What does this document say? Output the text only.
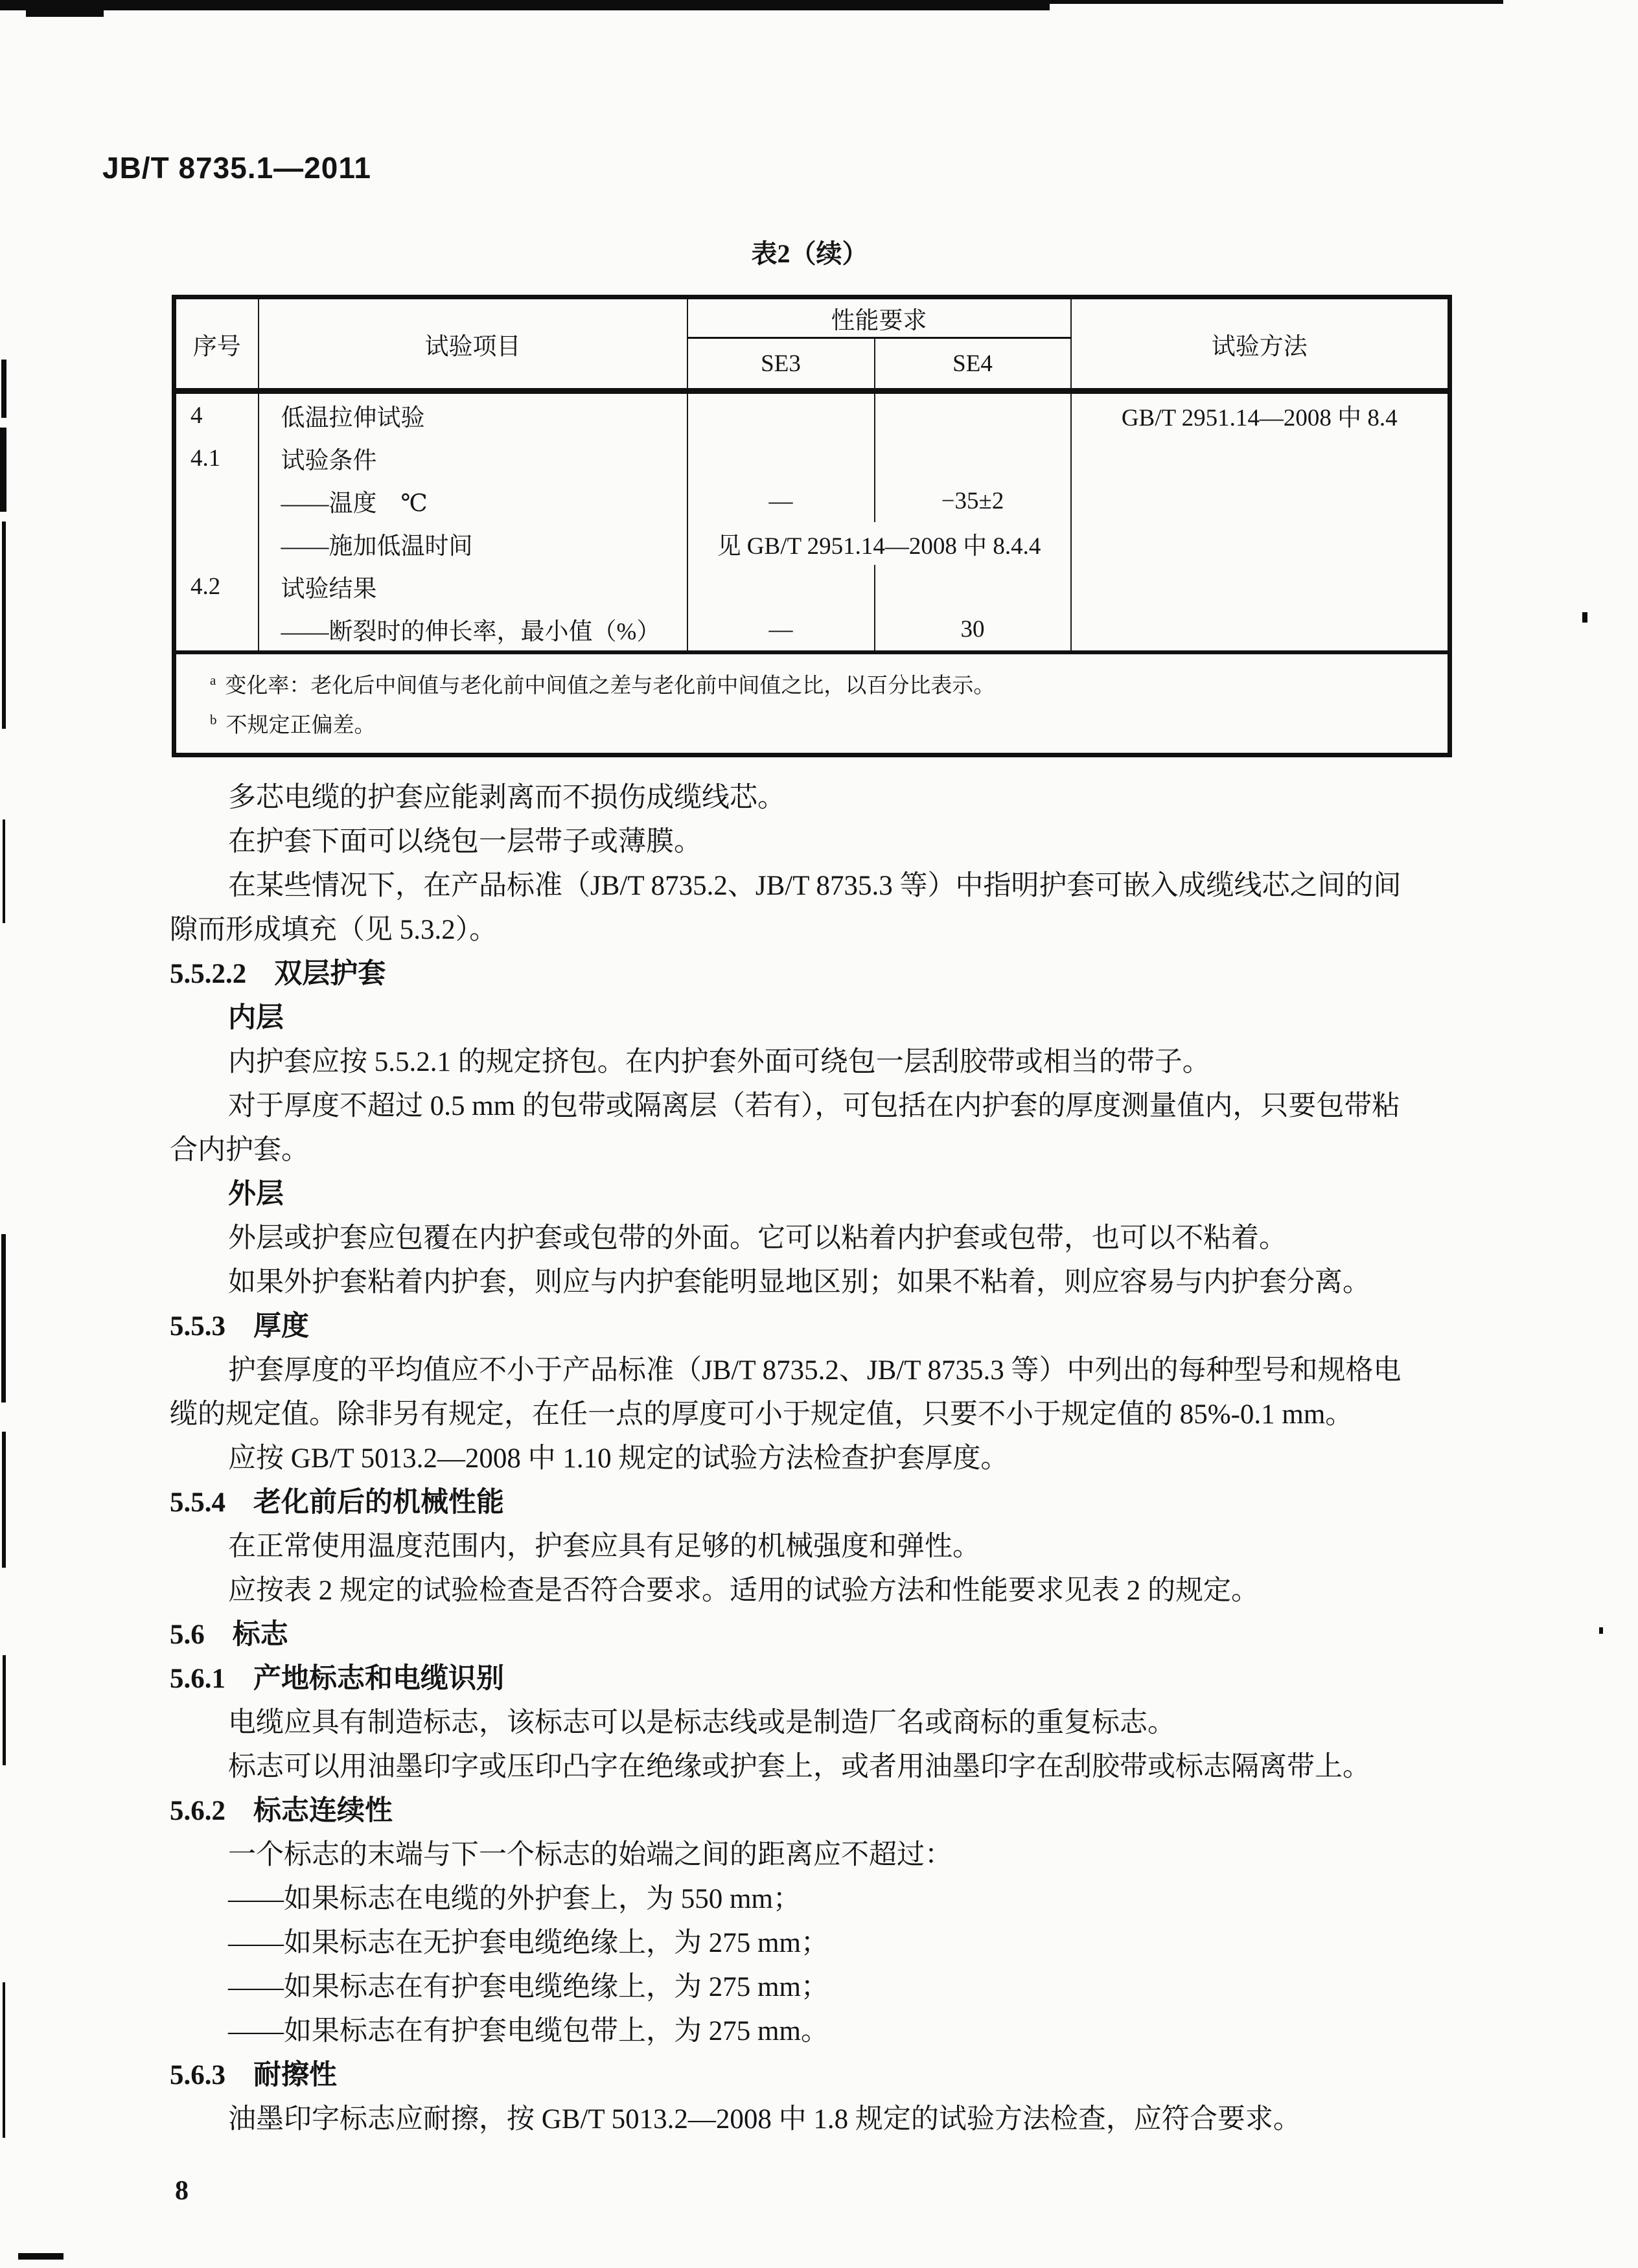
JB/T 8735.1—2011
表2（续）
序号	试验项目	性能要求		试验方法
		SE3	SE4	
4	低温拉伸试验			GB/T 2951.14—2008 中 8.4
4.1	试验条件			
	——温度　℃	—	−35±2	
	——施加低温时间	见 GB/T 2951.14—2008 中 8.4.4		
4.2	试验结果			
	——断裂时的伸长率，最小值（%）	—	30	

$^a$ 变化率：老化后中间值与老化前中间值之差与老化前中间值之比，以百分比表示。
$^b$ 不规定正偏差。				
多芯电缆的护套应能剥离而不损伤成缆线芯。
在护套下面可以绕包一层带子或薄膜。
在某些情况下，在产品标准（JB/T 8735.2、JB/T 8735.3 等）中指明护套可嵌入成缆线芯之间的间
隙而形成填充（见 5.3.2）。
5.5.2.2　双层护套
内层
内护套应按 5.5.2.1 的规定挤包。在内护套外面可绕包一层刮胶带或相当的带子。
对于厚度不超过 0.5 mm 的包带或隔离层（若有），可包括在内护套的厚度测量值内，只要包带粘
合内护套。
外层
外层或护套应包覆在内护套或包带的外面。它可以粘着内护套或包带，也可以不粘着。
如果外护套粘着内护套，则应与内护套能明显地区别；如果不粘着，则应容易与内护套分离。
5.5.3　厚度
护套厚度的平均值应不小于产品标准（JB/T 8735.2、JB/T 8735.3 等）中列出的每种型号和规格电
缆的规定值。除非另有规定，在任一点的厚度可小于规定值，只要不小于规定值的 85%-0.1 mm。
应按 GB/T 5013.2—2008 中 1.10 规定的试验方法检查护套厚度。
5.5.4　老化前后的机械性能
在正常使用温度范围内，护套应具有足够的机械强度和弹性。
应按表 2 规定的试验检查是否符合要求。适用的试验方法和性能要求见表 2 的规定。
5.6　标志
5.6.1　产地标志和电缆识别
电缆应具有制造标志，该标志可以是标志线或是制造厂名或商标的重复标志。
标志可以用油墨印字或压印凸字在绝缘或护套上，或者用油墨印字在刮胶带或标志隔离带上。
5.6.2　标志连续性
一个标志的末端与下一个标志的始端之间的距离应不超过：
——如果标志在电缆的外护套上，为 550 mm；
——如果标志在无护套电缆绝缘上，为 275 mm；
——如果标志在有护套电缆绝缘上，为 275 mm；
——如果标志在有护套电缆包带上，为 275 mm。
5.6.3　耐擦性
油墨印字标志应耐擦，按 GB/T 5013.2—2008 中 1.8 规定的试验方法检查，应符合要求。
8
